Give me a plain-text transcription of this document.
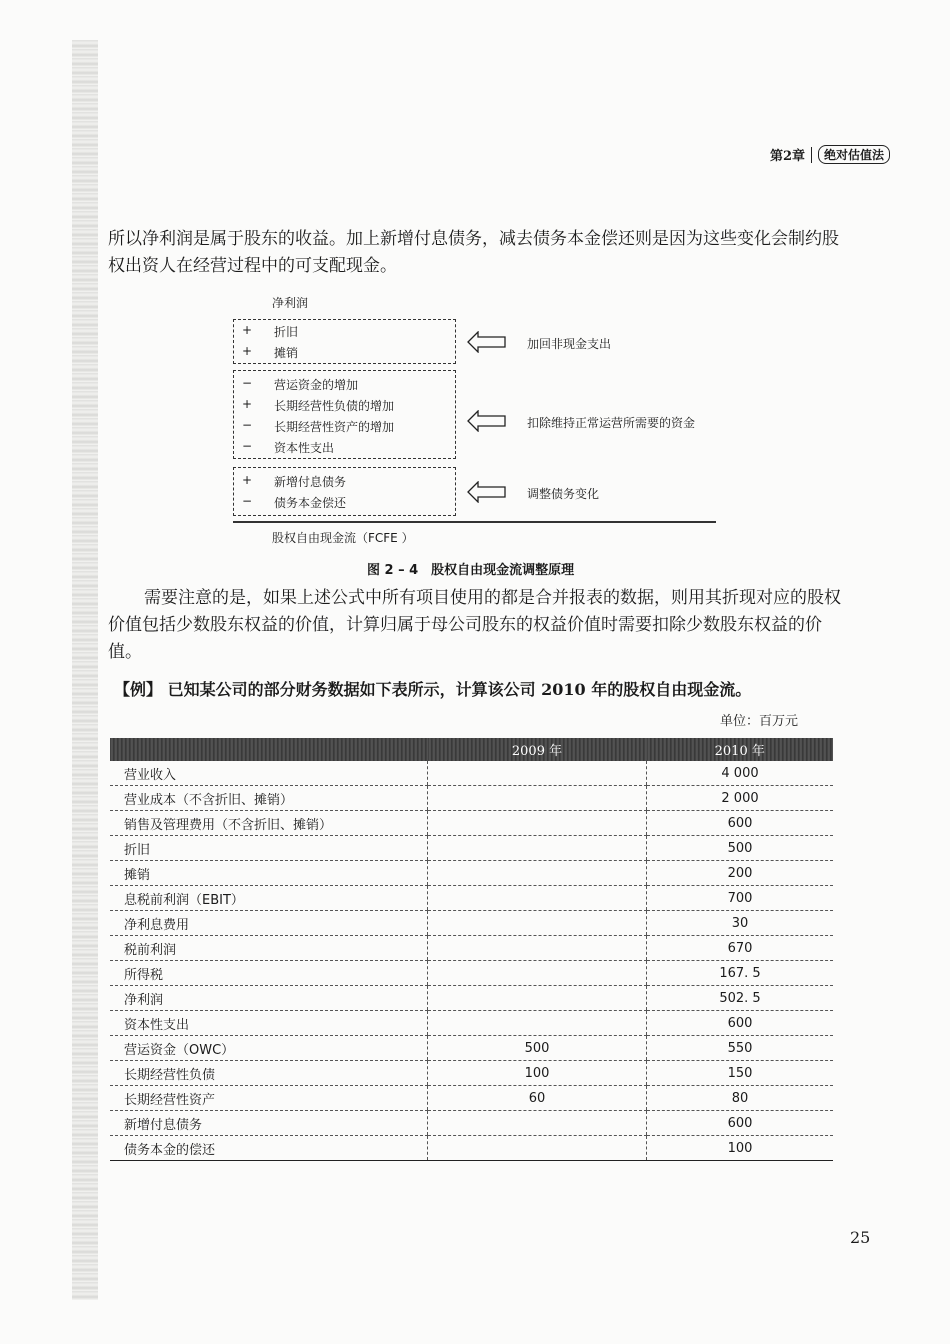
第2章	绝对估值法
所以净利润是属于股东的收益。加上新增付息债务，减去债务本金偿还则是因为这些变化会制约股权出资人在经营过程中的可支配现金。
净利润
+	折旧
+	摊销
加回非现金支出
−	营运资金的增加
+	长期经营性负债的增加
−	长期经营性资产的增加
−	资本性支出
扣除维持正常运营所需要的资金
+	新增付息债务
−	债务本金偿还
调整债务变化
股权自由现金流（FCFE ）
图 2 – 4　股权自由现金流调整原理
需要注意的是，如果上述公式中所有项目使用的都是合并报表的数据，则用其折现对应的股权价值包括少数股东权益的价值，计算归属于母公司股东的权益价值时需要扣除少数股东权益的价值。
【例】 已知某公司的部分财务数据如下表所示，计算该公司 2010 年的股权自由现金流。
单位：百万元
	2009 年	2010 年
营业收入		4 000
营业成本（不含折旧、摊销）		2 000
销售及管理费用（不含折旧、摊销）		600
折旧		500
摊销		200
息税前利润（EBIT）		700
净利息费用		30
税前利润		670
所得税		167. 5
净利润		502. 5
资本性支出		600
营运资金（OWC）	500	550
长期经营性负债	100	150
长期经营性资产	60	80
新增付息债务		600
债务本金的偿还		100
25
